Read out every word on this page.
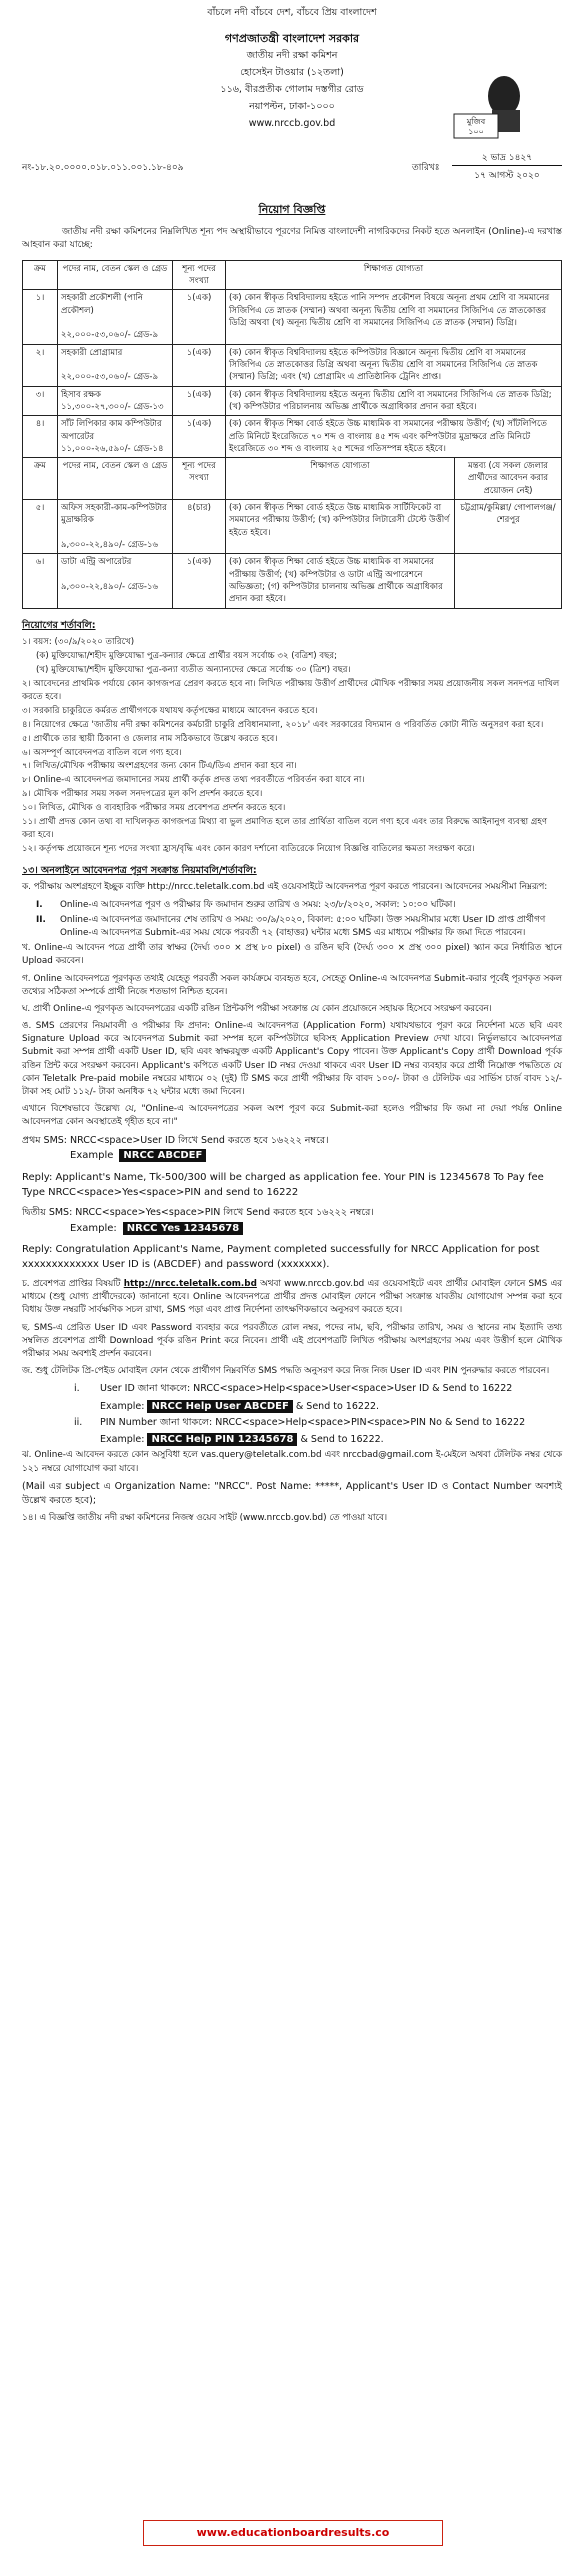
বাঁচলে নদী বাঁচবে দেশ, বাঁচবে প্রিয় বাংলাদেশ
গণপ্রজাতন্ত্রী বাংলাদেশ সরকার
জাতীয় নদী রক্ষা কমিশন
হোসেইন টাওয়ার (১২তলা)
১১৬, বীরপ্রতীক গোলাম দস্তগীর রোড
নয়াপল্টন, ঢাকা-১০০০
www.nrccb.gov.bd	মুজিব
১০০
নং-১৮.২০.০০০০.০১৮.০১১.০০১.১৮-৪০৯	তারিখঃ
২ ভাদ্র ১৪২৭
১৭ আগস্ট ২০২০
নিয়োগ বিজ্ঞপ্তি
জাতীয় নদী রক্ষা কমিশনের নিম্নলিখিত শূন্য পদ অস্থায়ীভাবে পূরণের নিমিত্ত বাংলাদেশী নাগরিকদের নিকট হতে অনলাইন (Online)-এ দরখাস্ত আহবান করা যাচ্ছে:
ক্রম	পদের নাম, বেতন স্কেল ও গ্রেড	শূন্য পদের সংখ্যা	শিক্ষাগত যোগ্যতা
১।	সহকারী প্রকৌশলী (পানি প্রকৌশল)

২২,০০০-৫৩,০৬০/- গ্রেড-৯	১(এক)	(ক) কোন স্বীকৃত বিশ্ববিদ্যালয় হইতে পানি সম্পদ প্রকৌশল বিষয়ে অনূন্য প্রথম শ্রেণি বা সমমানের সিজিপিএ তে স্নাতক (সম্মান) অথবা অনূন্য দ্বিতীয় শ্রেণি বা সমমানের সিজিপিএ তে স্নাতকোত্তর ডিগ্রি অথবা (খ) অনূন্য দ্বিতীয় শ্রেণি বা সমমানের সিজিপিএ তে স্নাতক (সম্মান) ডিগ্রি।
২।	সহকারী প্রোগ্রামার

২২,০০০-৫৩,০৬০/- গ্রেড-৯	১(এক)	(ক) কোন স্বীকৃত বিশ্ববিদ্যালয় হইতে কম্পিউটার বিজ্ঞানে অনূন্য দ্বিতীয় শ্রেণি বা সমমানের সিজিপিএ তে স্নাতকোত্তর ডিগ্রি অথবা অনূন্য দ্বিতীয় শ্রেণি বা সমমানের সিজিপিএ তে স্নাতক (সম্মান) ডিগ্রি; এবং (খ) প্রোগ্রামিং এ প্রাতিষ্ঠানিক ট্রেনিং প্রাপ্ত।
৩।	হিসাব রক্ষক
১১,৩০০-২৭,৩০০/- গ্রেড-১৩	১(এক)	(ক) কোন স্বীকৃত বিশ্ববিদ্যালয় হইতে অনূন্য দ্বিতীয় শ্রেণি বা সমমানের সিজিপিএ তে স্নাতক ডিগ্রি; (খ) কম্পিউটার পরিচালনায় অভিজ্ঞ প্রার্থীকে অগ্রাধিকার প্রদান করা হইবে।
৪।	সাঁট লিপিকার কাম কম্পিউটার অপারেটর
১১,০০০-২৬,৫৯০/- গ্রেড-১৪	১(এক)	(ক) কোন স্বীকৃত শিক্ষা বোর্ড হইতে উচ্চ মাধ্যমিক বা সমমানের পরীক্ষায় উত্তীর্ণ; (খ) সাঁটলিপিতে প্রতি মিনিটে ইংরেজিতে ৭০ শব্দ ও বাংলায় ৪৫ শব্দ এবং কম্পিউটার মুদ্রাক্ষরে প্রতি মিনিটে ইংরেজিতে ৩০ শব্দ ও বাংলায় ২৫ শব্দের গতিসম্পন্ন হইতে হইবে।
ক্রম	পদের নাম, বেতন স্কেল ও গ্রেড	শূন্য পদের সংখ্যা	শিক্ষাগত যোগ্যতা	মন্তব্য (যে সকল জেলার প্রার্থীদের আবেদন করার প্রয়োজন নেই)
৫।	অফিস সহকারী-কাম-কম্পিউটার মুদ্রাক্ষরিক

৯,৩০০-২২,৪৯০/- গ্রেড-১৬	৪(চার)	(ক) কোন স্বীকৃত শিক্ষা বোর্ড হইতে উচ্চ মাধ্যমিক সার্টিফিকেট বা সমমানের পরীক্ষায় উত্তীর্ণ; (খ) কম্পিউটার লিটারেসী টেস্টে উত্তীর্ণ হইতে হইবে।	চট্টগ্রাম/কুমিল্লা/ গোপালগঞ্জ/শেরপুর
৬।	ডাটা এন্ট্রি অপারেটর

৯,৩০০-২২,৪৯০/- গ্রেড-১৬	১(এক)	(ক) কোন স্বীকৃত শিক্ষা বোর্ড হইতে উচ্চ মাধ্যমিক বা সমমানের পরীক্ষায় উত্তীর্ণ; (খ) কম্পিউটার ও ডাটা এন্ট্রি অপারেশনে অভিজ্ঞতা; (গ) কম্পিউটার চালনায় অভিজ্ঞ প্রার্থীকে অগ্রাধিকার প্রদান করা হইবে।	
নিয়োগের শর্তাবলি:
১। বয়স: (৩০/৯/২০২০ তারিখে)
(ক) মুক্তিযোদ্ধা/শহীদ মুক্তিযোদ্ধা পুত্র-কন্যার ক্ষেত্রে প্রার্থীর বয়স সর্বোচ্চ ৩২ (বত্রিশ) বছর;
(খ) মুক্তিযোদ্ধা/শহীদ মুক্তিযোদ্ধা পুত্র-কন্যা ব্যতীত অন্যান্যদের ক্ষেত্রে সর্বোচ্চ ৩০ (ত্রিশ) বছর।
২। আবেদনের প্রাথমিক পর্যায়ে কোন কাগজপত্র প্রেরণ করতে হবে না। লিখিত পরীক্ষায় উত্তীর্ণ প্রার্থীদের মৌখিক পরীক্ষার সময় প্রয়োজনীয় সকল সনদপত্র দাখিল করতে হবে।
৩। সরকারি চাকুরিতে কর্মরত প্রার্থীগণকে যথাযথ কর্তৃপক্ষের মাধ্যমে আবেদন করতে হবে।
৪। নিয়োগের ক্ষেত্রে 'জাতীয় নদী রক্ষা কমিশনের কর্মচারী চাকুরি প্রবিধানমালা, ২০১৮' এবং সরকারের বিদ্যমান ও পরিবর্তিত কোটা নীতি অনুসরণ করা হবে।
৫। প্রার্থীকে তার স্থায়ী ঠিকানা ও জেলার নাম সঠিকভাবে উল্লেখ করতে হবে।
৬। অসম্পূর্ণ আবেদনপত্র বাতিল বলে গণ্য হবে।
৭। লিখিত/মৌখিক পরীক্ষায় অংশগ্রহণের জন্য কোন টিএ/ডিএ প্রদান করা হবে না।
৮। Online-এ আবেদনপত্র জমাদানের সময় প্রার্থী কর্তৃক প্রদত্ত তথ্য পরবর্তীতে পরিবর্তন করা যাবে না।
৯। মৌখিক পরীক্ষার সময় সকল সনদপত্রের মূল কপি প্রদর্শন করতে হবে।
১০। লিখিত, মৌখিক ও ব্যবহারিক পরীক্ষার সময় প্রবেশপত্র প্রদর্শন করতে হবে।
১১। প্রার্থী প্রদত্ত কোন তথ্য বা দাখিলকৃত কাগজপত্র মিথ্যা বা ভুল প্রমাণিত হলে তার প্রার্থিতা বাতিল বলে গণ্য হবে এবং তার বিরুদ্ধে আইনানুগ ব্যবস্থা গ্রহণ করা হবে।
১২। কর্তৃপক্ষ প্রয়োজনে শূন্য পদের সংখ্যা হ্রাস/বৃদ্ধি এবং কোন কারণ দর্শানো ব্যতিরেকে নিয়োগ বিজ্ঞপ্তি বাতিলের ক্ষমতা সংরক্ষণ করে।
১৩। অনলাইনে আবেদনপত্র পূরণ সংক্রান্ত নিয়মাবলি/শর্তাবলি:
ক. পরীক্ষায় অংশগ্রহণে ইচ্ছুক ব্যক্তি http://nrcc.teletalk.com.bd এই ওয়েবসাইটে আবেদনপত্র পূরণ করতে পারবেন। আবেদনের সময়সীমা নিম্নরূপ:
I. Online-এ আবেদনপত্র পূরণ ও পরীক্ষার ফি জমাদান শুরুর তারিখ ও সময়: ২৩/৮/২০২০, সকাল: ১০:০০ ঘটিকা।
II. Online-এ আবেদনপত্র জমাদানের শেষ তারিখ ও সময়: ৩০/৯/২০২০, বিকাল: ৫:০০ ঘটিকা। উক্ত সময়সীমার মধ্যে User ID প্রাপ্ত প্রার্থীগণ Online-এ আবেদনপত্র Submit-এর সময় থেকে পরবর্তী ৭২ (বাহাত্তর) ঘন্টার মধ্যে SMS এর মাধ্যমে পরীক্ষার ফি জমা দিতে পারবেন।
খ. Online-এ আবেদন পত্রে প্রার্থী তার স্বাক্ষর (দৈর্ঘ্য ৩০০ × প্রস্থ ৮০ pixel) ও রঙিন ছবি (দৈর্ঘ্য ৩০০ × প্রস্থ ৩০০ pixel) স্ক্যান করে নির্ধারিত স্থানে Upload করবেন।
গ. Online আবেদনপত্রে পূরণকৃত তথ্যই যেহেতু পরবর্তী সকল কার্যক্রমে ব্যবহৃত হবে, সেহেতু Online-এ আবেদনপত্র Submit-করার পূর্বেই পূরণকৃত সকল তথ্যের সঠিকতা সম্পর্কে প্রার্থী নিজে শতভাগ নিশ্চিত হবেন।
ঘ. প্রার্থী Online-এ পূরণকৃত আবেদনপত্রের একটি রঙিন প্রিন্টকপি পরীক্ষা সংক্রান্ত যে কোন প্রয়োজনে সহায়ক হিসেবে সংরক্ষণ করবেন।
ঙ. SMS প্রেরণের নিয়মাবলী ও পরীক্ষার ফি প্রদান: Online-এ আবেদনপত্র (Application Form) যথাযথভাবে পূরণ করে নির্দেশনা মতে ছবি এবং Signature Upload করে আবেদনপত্র Submit করা সম্পন্ন হলে কম্পিউটারে ছবিসহ Application Preview দেখা যাবে। নির্ভুলভাবে আবেদনপত্র Submit করা সম্পন্ন প্রার্থী একটি User ID, ছবি এবং স্বাক্ষরযুক্ত একটি Applicant's Copy পাবেন। উক্ত Applicant's Copy প্রার্থী Download পূর্বক রঙিন প্রিন্ট করে সংরক্ষণ করবেন। Applicant's কপিতে একটি User ID নম্বর দেওয়া থাকবে এবং User ID নম্বর ব্যবহার করে প্রার্থী নিম্নোক্ত পদ্ধতিতে যে কোন Teletalk Pre-paid mobile নম্বরের মাধ্যমে ০২ (দুই) টি SMS করে প্রার্থী পরীক্ষার ফি বাবদ ১০০/- টাকা ও টেলিটক এর সার্ভিস চার্জ বাবদ ১২/- টাকা সহ মোট ১১২/- টাকা অনধিক ৭২ ঘন্টার মধ্যে জমা দিবেন।
এখানে বিশেষভাবে উল্লেখ্য যে, "Online-এ আবেদনপত্রের সকল অংশ পূরণ করে Submit-করা হলেও পরীক্ষার ফি জমা না দেয়া পর্যন্ত Online আবেদনপত্র কোন অবস্থাতেই গৃহীত হবে না।"
প্রথম SMS: NRCC<space>User ID লিখে Send করতে হবে ১৬২২২ নম্বরে।
Example NRCC ABCDEF
Reply: Applicant's Name, Tk-500/300 will be charged as application fee. Your PIN is 12345678 To Pay fee Type NRCC<space>Yes<space>PIN and send to 16222
দ্বিতীয় SMS: NRCC<space>Yes<space>PIN লিখে Send করতে হবে ১৬২২২ নম্বরে।
Example: NRCC Yes 12345678
Reply: Congratulation Applicant's Name, Payment completed successfully for NRCC Application for post xxxxxxxxxxxxx User ID is (ABCDEF) and password (xxxxxxx).
চ. প্রবেশপত্র প্রাপ্তির বিষয়টি http://nrcc.teletalk.com.bd অথবা www.nrccb.gov.bd এর ওয়েবসাইটে এবং প্রার্থীর মোবাইল ফোনে SMS এর মাধ্যমে (শুধু যোগ্য প্রার্থীদেরকে) জানানো হবে। Online আবেদনপত্রে প্রার্থীর প্রদত্ত মোবাইল ফোনে পরীক্ষা সংক্রান্ত যাবতীয় যোগাযোগ সম্পন্ন করা হবে বিধায় উক্ত নম্বরটি সার্বক্ষণিক সচল রাখা, SMS পড়া এবং প্রাপ্ত নির্দেশনা তাৎক্ষণিকভাবে অনুসরণ করতে হবে।
ছ. SMS-এ প্রেরিত User ID এবং Password ব্যবহার করে পরবর্তীতে রোল নম্বর, পদের নাম, ছবি, পরীক্ষার তারিখ, সময় ও স্থানের নাম ইত্যাদি তথ্য সম্বলিত প্রবেশপত্র প্রার্থী Download পূর্বক রঙিন Print করে নিবেন। প্রার্থী এই প্রবেশপত্রটি লিখিত পরীক্ষায় অংশগ্রহণের সময় এবং উত্তীর্ণ হলে মৌখিক পরীক্ষার সময় অবশ্যই প্রদর্শন করবেন।
জ. শুধু টেলিটক প্রি-পেইড মোবাইল ফোন থেকে প্রার্থীগণ নিম্নবর্ণিত SMS পদ্ধতি অনুসরণ করে নিজ নিজ User ID এবং PIN পুনরুদ্ধার করতে পারবেন।
i. User ID জানা থাকলে: NRCC<space>Help<space>User<space>User ID & Send to 16222
Example: NRCC Help User ABCDEF & Send to 16222.
ii. PIN Number জানা থাকলে: NRCC<space>Help<space>PIN<space>PIN No & Send to 16222
Example: NRCC Help PIN 12345678 & Send to 16222.
ঝ. Online-এ আবেদন করতে কোন অসুবিধা হলে vas.query@teletalk.com.bd এবং nrccbad@gmail.com ই-মেইলে অথবা টেলিটক নম্বর থেকে ১২১ নম্বরে যোগাযোগ করা যাবে।
(Mail এর subject এ Organization Name: "NRCC". Post Name: *****, Applicant's User ID ও Contact Number অবশ্যই উল্লেখ করতে হবে);
১৪। এ বিজ্ঞপ্তি জাতীয় নদী রক্ষা কমিশনের নিজস্ব ওয়েব সাইট (www.nrccb.gov.bd) তে পাওয়া যাবে।
www.educationboardresults.co
